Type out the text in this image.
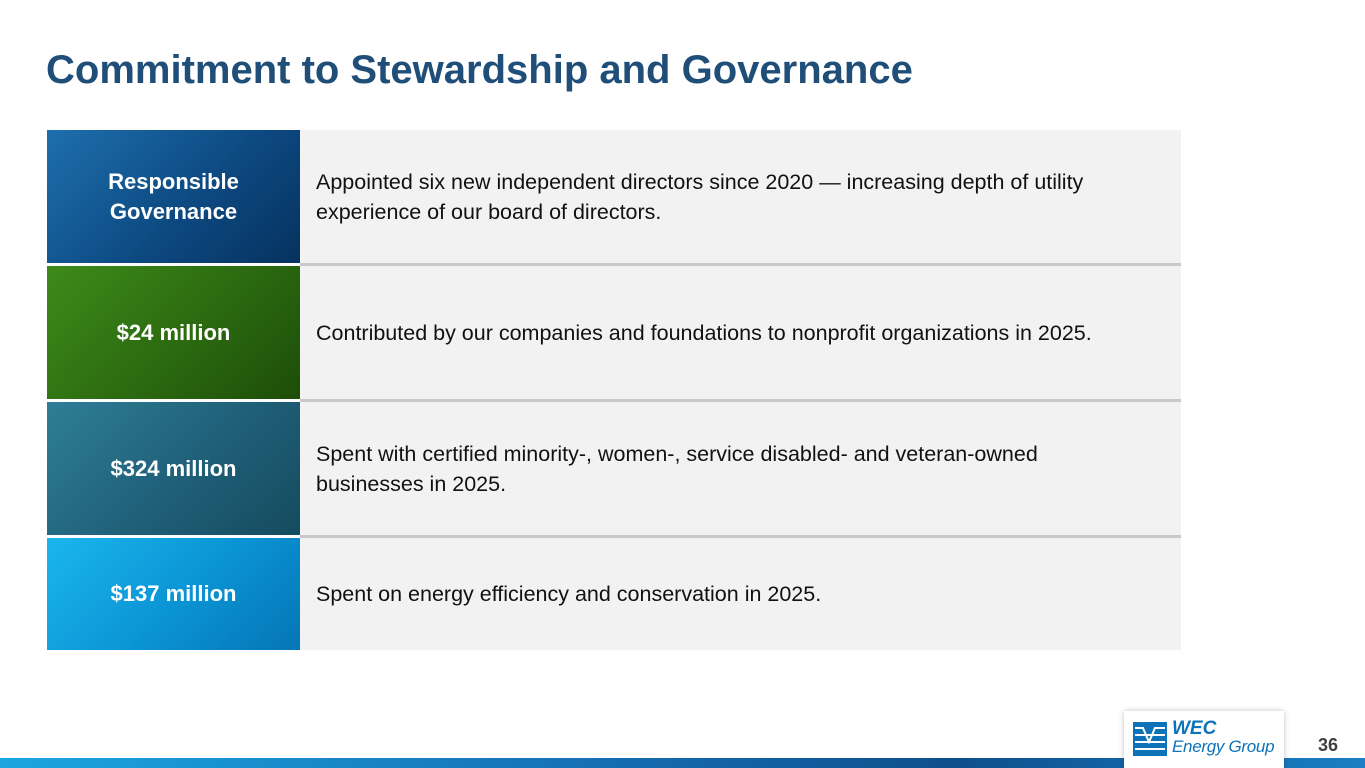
Commitment to Stewardship and Governance
Responsible Governance
Appointed six new independent directors since 2020 — increasing depth of utility experience of our board of directors.
$24 million	Contributed by our companies and foundations to nonprofit organizations in 2025.
$324 million
Spent with certified minority-, women-, service disabled- and veteran-owned businesses in 2025.
$137 million	Spent on energy efficiency and conservation in 2025.
WEC
Energy Group 36
